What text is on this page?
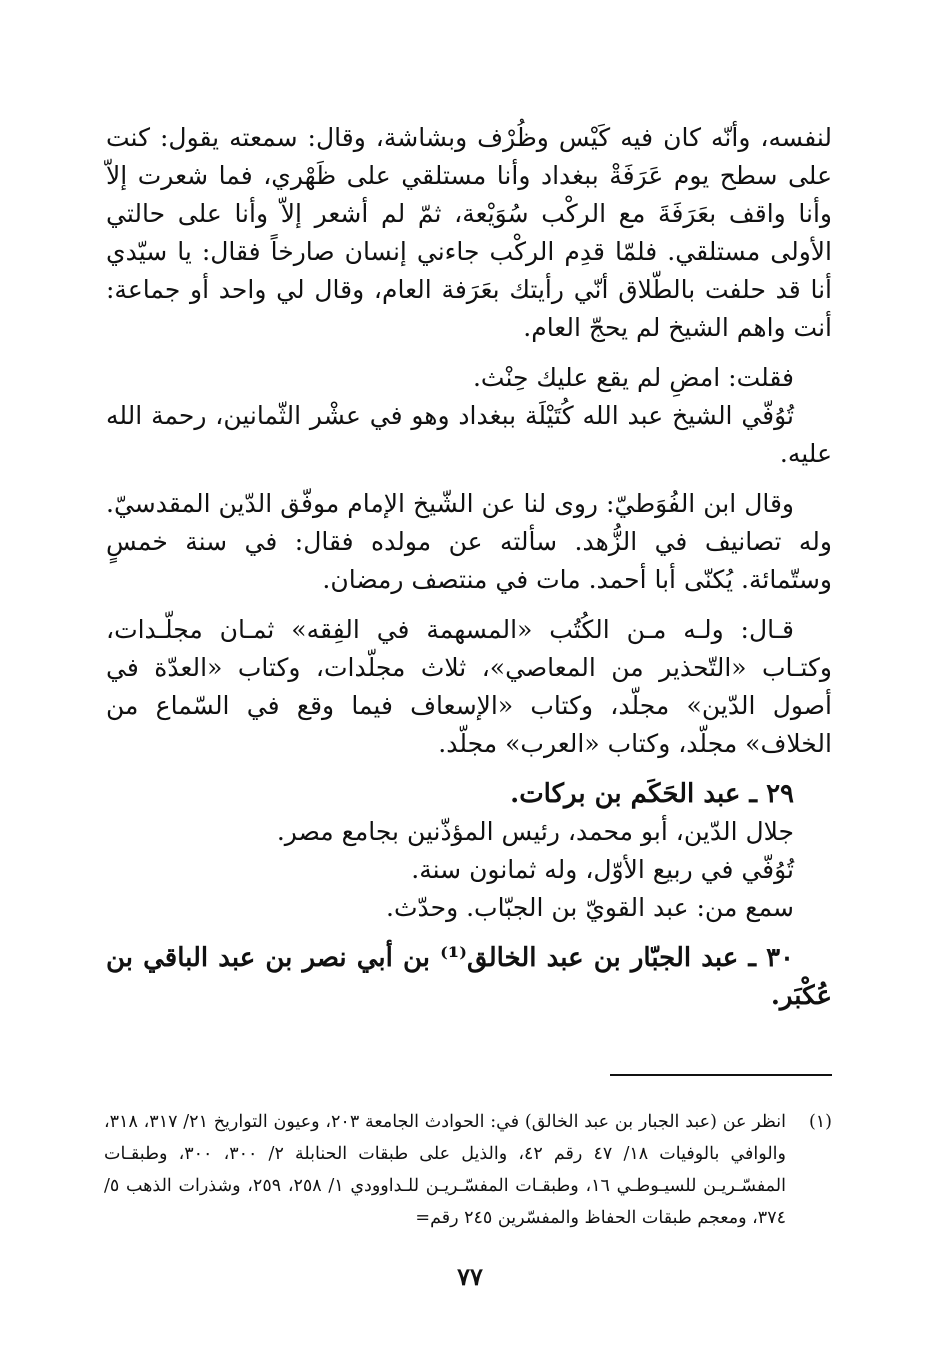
لنفسه، وأنّه كان فيه كَيْس وظُرْف وبشاشة، وقال: سمعته يقول: كنت على سطح يوم عَرَفَةْ ببغداد وأنا مستلقي على ظَهْري، فما شعرت إلاّ وأنا واقف بعَرَفَةَ مع الركْب سُوَيْعة، ثمّ لم أشعر إلاّ وأنا على حالتي الأولى مستلقي. فلمّا قدِم الركْب جاءني إنسان صارخاً فقال: يا سيّدي أنا قد حلفت بالطّلاق أنّي رأيتك بعَرَفة العام، وقال لي واحد أو جماعة: أنت واهم الشيخ لم يحجّ العام.

فقلت: امضِ لم يقع عليك حِنْث.

تُوُفّي الشيخ عبد الله كُتَيْلَة ببغداد وهو في عشْر الثّمانين، رحمة الله عليه.

وقال ابن الفُوَطيّ: روى لنا عن الشّيخ الإمام موفّق الدّين المقدسيّ. وله تصانيف في الزُّهد. سألته عن مولده فقال: في سنة خمسٍ وستّمائة. يُكنّى أبا أحمد. مات في منتصف رمضان.

قـال: ولـه مـن الكُتُب «المسهمة في الفِقه» ثمـان مجلّـدات، وكتـاب «التّحذير من المعاصي»، ثلاث مجلّدات، وكتاب «العدّة في أصول الدّين» مجلّد، وكتاب «الإسعاف فيما وقع في السّماع من الخلاف» مجلّد، وكتاب «العرب» مجلّد.

٢٩ ـ عبد الحَكَم بن بركات.

جلال الدّين، أبو محمد، رئيس المؤذّنين بجامع مصر.

تُوُفّي في ربيع الأوّل، وله ثمانون سنة.

سمع من: عبد القويّ بن الجبّاب. وحدّث.

٣٠ ـ عبد الجبّار بن عبد الخالق⁽¹⁾ بن أبي نصر بن عبد الباقي بن عُكْبَر.

(١)

انظر عن (عبد الجبار بن عبد الخالق) في: الحوادث الجامعة ٢٠٣، وعيون التواريخ ٢١/ ٣١٧، ٣١٨، والوافي بالوفيات ١٨/ ٤٧ رقم ٤٢، والذيل على طبقات الحنابلة ٢/ ٣٠٠، ٣٠٠، وطبقـات المفسّـريـن للسيـوطـي ١٦، وطبقـات المفسّـريـن للـداوودي ١/ ٢٥٨، ٢٥٩، وشذرات الذهب ٥/ ٣٧٤، ومعجم طبقات الحفاظ والمفسّرين ٢٤٥ رقم=

٧٧
